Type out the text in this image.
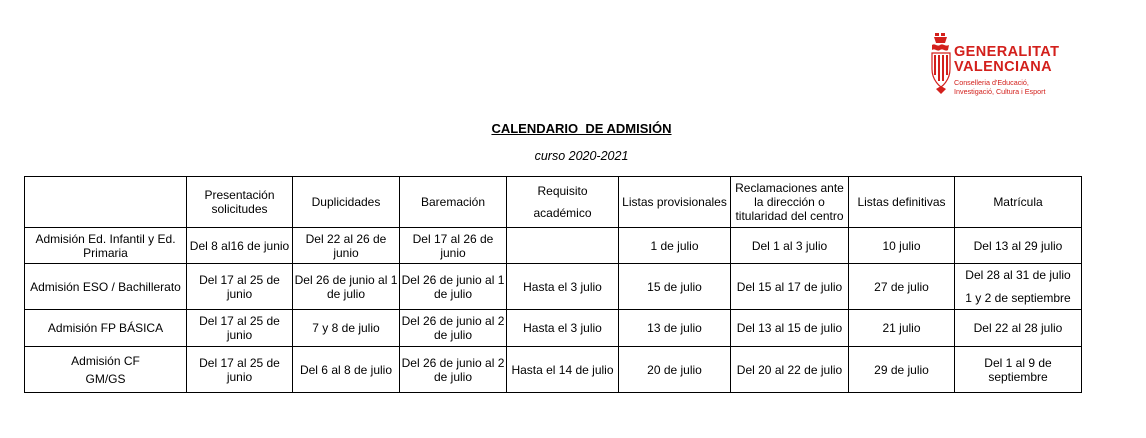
GENERALITAT
VALENCIANA
Conselleria d'Educació,
Investigació, Cultura i Esport
CALENDARIO  DE ADMISIÓN
curso 2020-2021
	Presentación solicitudes	Duplicidades	Baremación	Requisito académico	Listas provisionales	Reclamaciones ante la dirección o titularidad del centro	Listas definitivas	Matrícula
Admisión Ed. Infantil y Ed. Primaria	Del 8 al16 de junio	Del 22 al 26 de junio	Del 17 al 26 de junio		1 de julio	Del 1 al 3 julio	10 julio	Del 13 al 29 julio
Admisión ESO / Bachillerato	Del 17 al 25 de junio	Del 26 de junio al 1 de julio	Del 26 de junio al 1 de julio	Hasta el 3 julio	15 de julio	Del 15 al 17 de julio	27 de julio	Del 28 al 31 de julio
1 y 2 de septiembre

Admisión FP BÁSICA	Del 17 al 25 de junio	7 y 8 de julio	Del 26 de junio al 2 de julio	Hasta el 3 julio	13 de julio	Del 13 al 15 de julio	21 julio	Del 22 al 28 julio

Admisión CF
GM/GS	Del 17 al 25 de junio	Del 6 al 8 de julio	Del 26 de junio al 2 de julio	Hasta el 14 de julio	20 de julio	Del 20 al 22 de julio	29 de julio	Del 1 al 9 de septiembre
